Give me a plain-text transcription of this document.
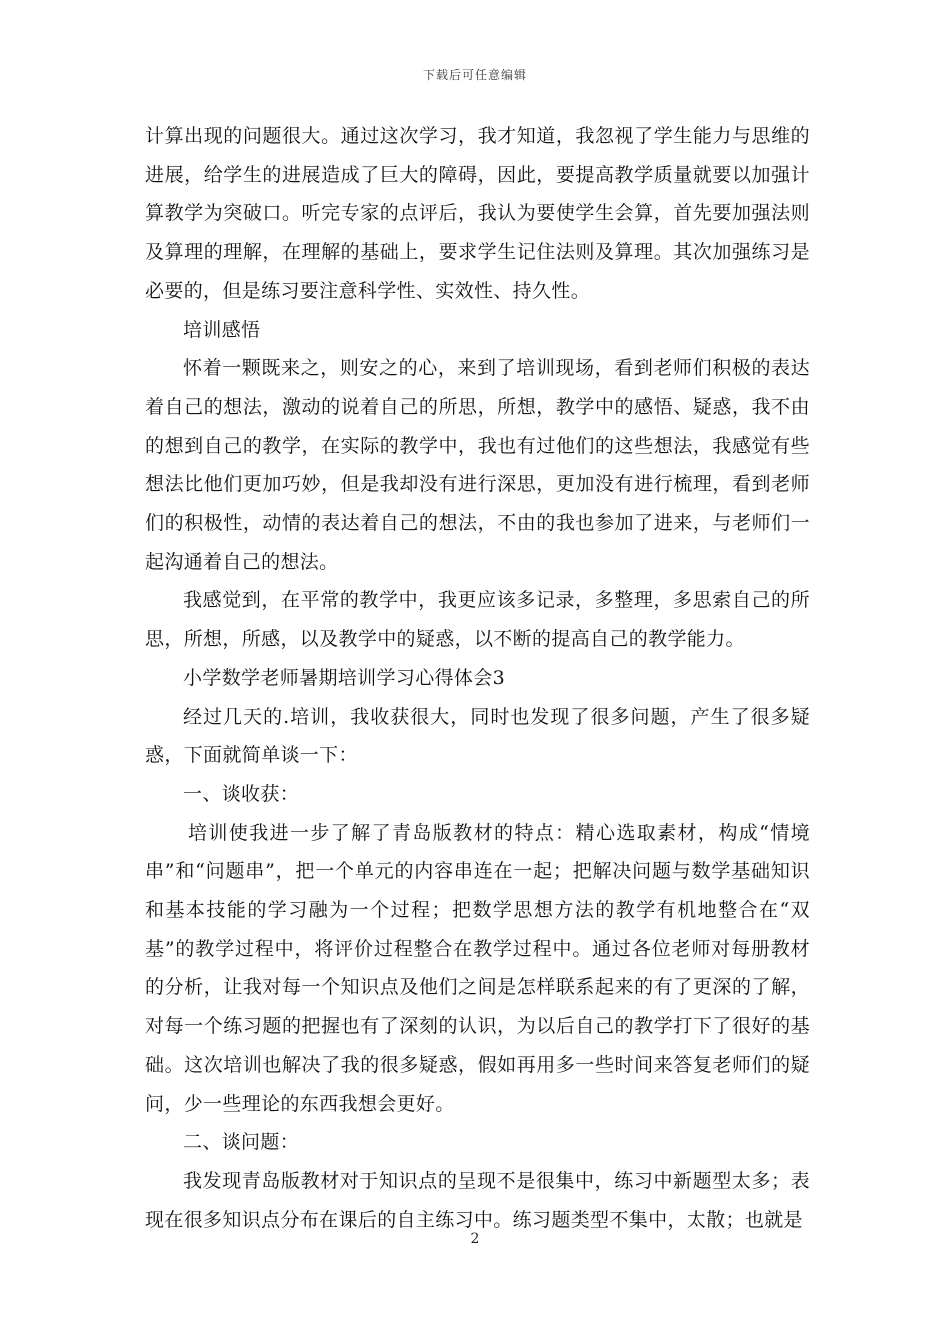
下载后可任意编辑

计算出现的问题很大。通过这次学习，我才知道，我忽视了学生能力与思维的进展，给学生的进展造成了巨大的障碍，因此，要提高教学质量就要以加强计算教学为突破口。听完专家的点评后，我认为要使学生会算，首先要加强法则及算理的理解，在理解的基础上，要求学生记住法则及算理。其次加强练习是必要的，但是练习要注意科学性、实效性、持久性。

培训感悟

怀着一颗既来之，则安之的心，来到了培训现场，看到老师们积极的表达着自己的想法，激动的说着自己的所思，所想，教学中的感悟、疑惑，我不由的想到自己的教学，在实际的教学中，我也有过他们的这些想法，我感觉有些想法比他们更加巧妙，但是我却没有进行深思，更加没有进行梳理，看到老师们的积极性，动情的表达着自己的想法，不由的我也参加了进来，与老师们一起沟通着自己的想法。

我感觉到，在平常的教学中，我更应该多记录，多整理，多思索自己的所思，所想，所感，以及教学中的疑惑，以不断的提高自己的教学能力。

小学数学老师暑期培训学习心得体会3

经过几天的.培训，我收获很大，同时也发现了很多问题，产生了很多疑惑，下面就简单谈一下：

一、谈收获：

培训使我进一步了解了青岛版教材的特点：精心选取素材，构成“情境串”和“问题串”，把一个单元的内容串连在一起；把解决问题与数学基础知识和基本技能的学习融为一个过程；把数学思想方法的教学有机地整合在“双基”的教学过程中，将评价过程整合在教学过程中。通过各位老师对每册教材的分析，让我对每一个知识点及他们之间是怎样联系起来的有了更深的了解，对每一个练习题的把握也有了深刻的认识，为以后自己的教学打下了很好的基础。这次培训也解决了我的很多疑惑，假如再用多一些时间来答复老师们的疑问，少一些理论的东西我想会更好。

二、谈问题：

我发现青岛版教材对于知识点的呈现不是很集中，练习中新题型太多；表现在很多知识点分布在课后的自主练习中。练习题类型不集中，太散；也就是

2
